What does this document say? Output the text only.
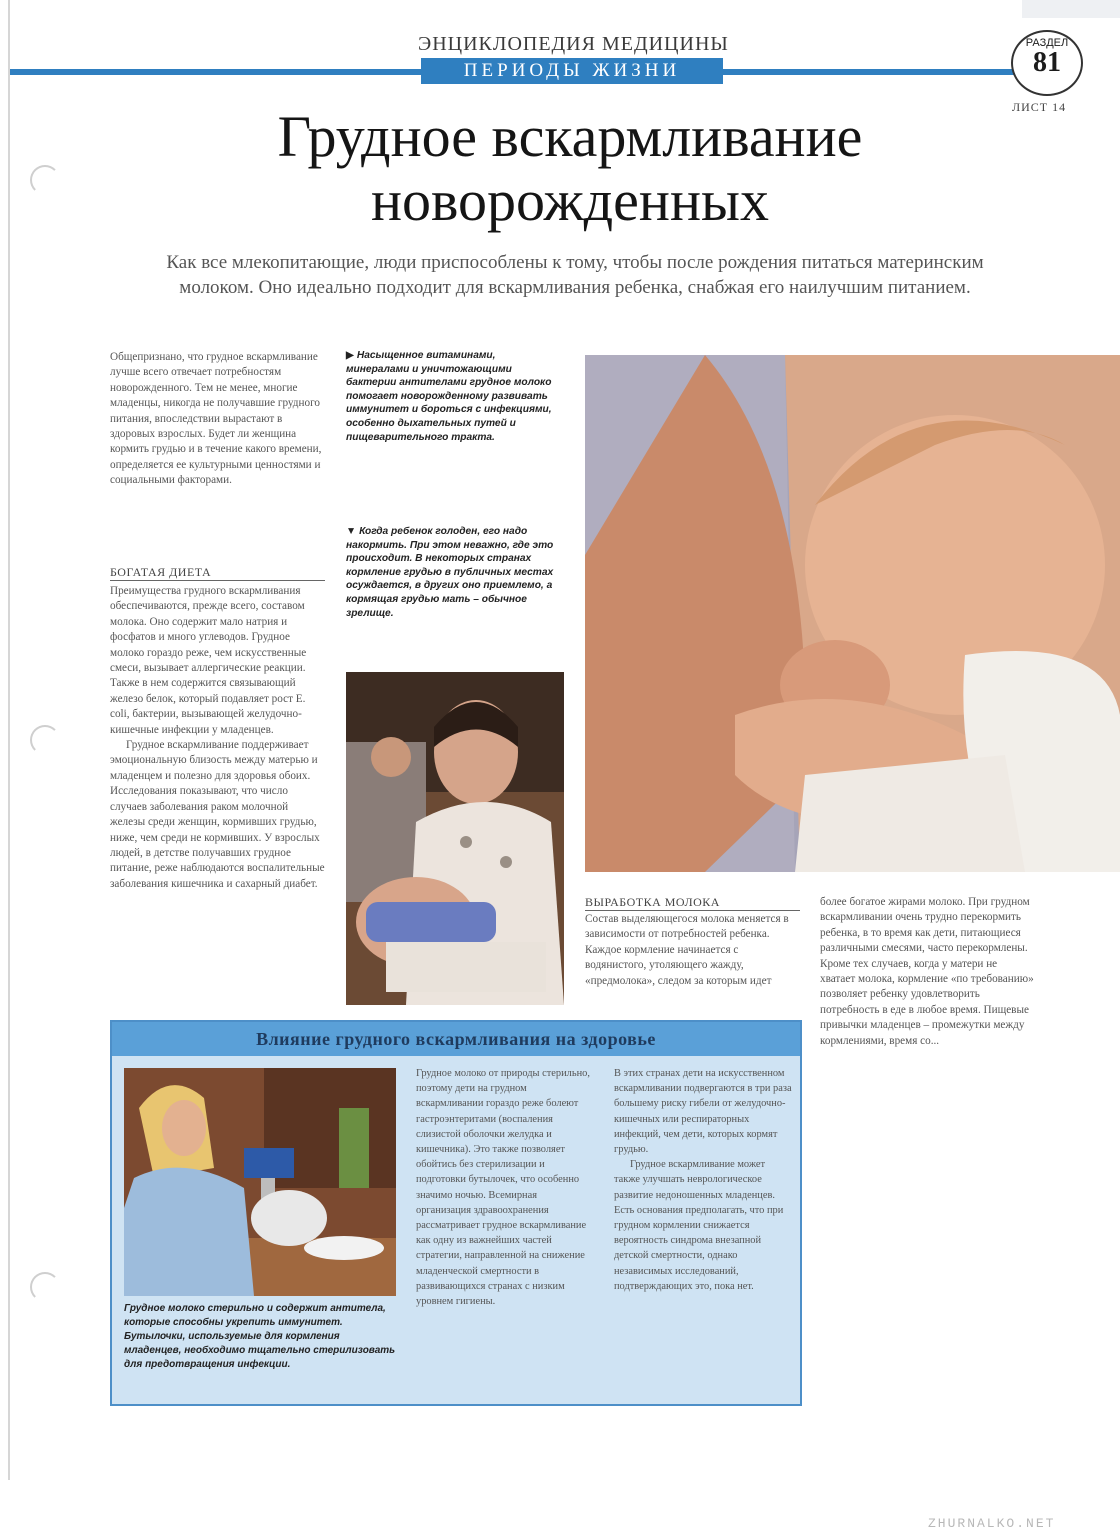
ЭНЦИКЛОПЕДИЯ МЕДИЦИНЫ
ПЕРИОДЫ ЖИЗНИ
РАЗДЕЛ
81
ЛИСТ 14
Грудное вскармливание
новорожденных
Как все млекопитающие, люди приспособлены к тому, чтобы после рождения питаться материнским молоком. Оно идеально подходит для вскармливания ребенка, снабжая его наилучшим питанием.

Общепризнано, что грудное вскармливание лучше всего отвечает потребностям новорожденного. Тем не менее, многие младенцы, никогда не получавшие грудного питания, впоследствии вырастают в здоровых взрослых. Будет ли женщина кормить грудью и в течение какого времени, определяется ее культурными ценностями и социальными факторами.

БОГАТАЯ ДИЕТА

Преимущества грудного вскармливания обеспечиваются, прежде всего, составом молока. Оно содержит мало натрия и фосфатов и много углеводов. Грудное молоко гораздо реже, чем искусственные смеси, вызывает аллергические реакции. Также в нем содержится связывающий железо белок, который подавляет рост E. coli, бактерии, вызывающей желудочно-кишечные инфекции у младенцев.

Грудное вскармливание поддерживает эмоциональную близость между матерью и младенцем и полезно для здоровья обоих. Исследования показывают, что число случаев заболевания раком молочной железы среди женщин, кормивших грудью, ниже, чем среди не кормивших. У взрослых людей, в детстве получавших грудное питание, реже наблюдаются воспалительные заболевания кишечника и сахарный диабет.

▶ Насыщенное витаминами, минералами и уничтожающими бактерии антителами грудное молоко помогает новорожденному развивать иммунитет и бороться с инфекциями, особенно дыхательных путей и пищеварительного тракта.
▼ Когда ребенок голоден, его надо накормить. При этом неважно, где это происходит. В некоторых странах кормление грудью в публичных местах осуждается, в других оно приемлемо, а кормящая грудью мать – обычное зрелище.
ВЫРАБОТКА МОЛОКА

Состав выделяющегося молока меняется в зависимости от потребностей ребенка. Каждое кормление начинается с водянистого, утоляющего жажду, «предмолока», следом за которым идет

более богатое жирами молоко. При грудном вскармливании очень трудно перекормить ребенка, в то время как дети, питающиеся различными смесями, часто перекормлены. Кроме тех случаев, когда у матери не хватает молока, кормление «по требованию» позволяет ребенку удовлетворить потребность в еде в любое время. Пищевые привычки младенцев – промежутки между кормлениями, время со...

Влияние грудного вскармливания на здоровье
Грудное молоко стерильно и содержит антитела, которые способны укрепить иммунитет. Бутылочки, используемые для кормления младенцев, необходимо тщательно стерилизовать для предотвращения инфекции.

Грудное молоко от природы стерильно, поэтому дети на грудном вскармливании гораздо реже болеют гастроэнтеритами (воспаления слизистой оболочки желудка и кишечника). Это также позволяет обойтись без стерилизации и подготовки бутылочек, что особенно значимо ночью. Всемирная организация здравоохранения рассматривает грудное вскармливание как одну из важнейших частей стратегии, направленной на снижение младенческой смертности в развивающихся странах с низким уровнем гигиены.

В этих странах дети на искусственном вскармливании подвергаются в три раза большему риску гибели от желудочно-кишечных или респираторных инфекций, чем дети, которых кормят грудью.

Грудное вскармливание может также улучшать неврологическое развитие недоношенных младенцев. Есть основания предполагать, что при грудном кормлении снижается вероятность синдрома внезапной детской смертности, однако независимых исследований, подтверждающих это, пока нет.

ZHURNALKO.NET
